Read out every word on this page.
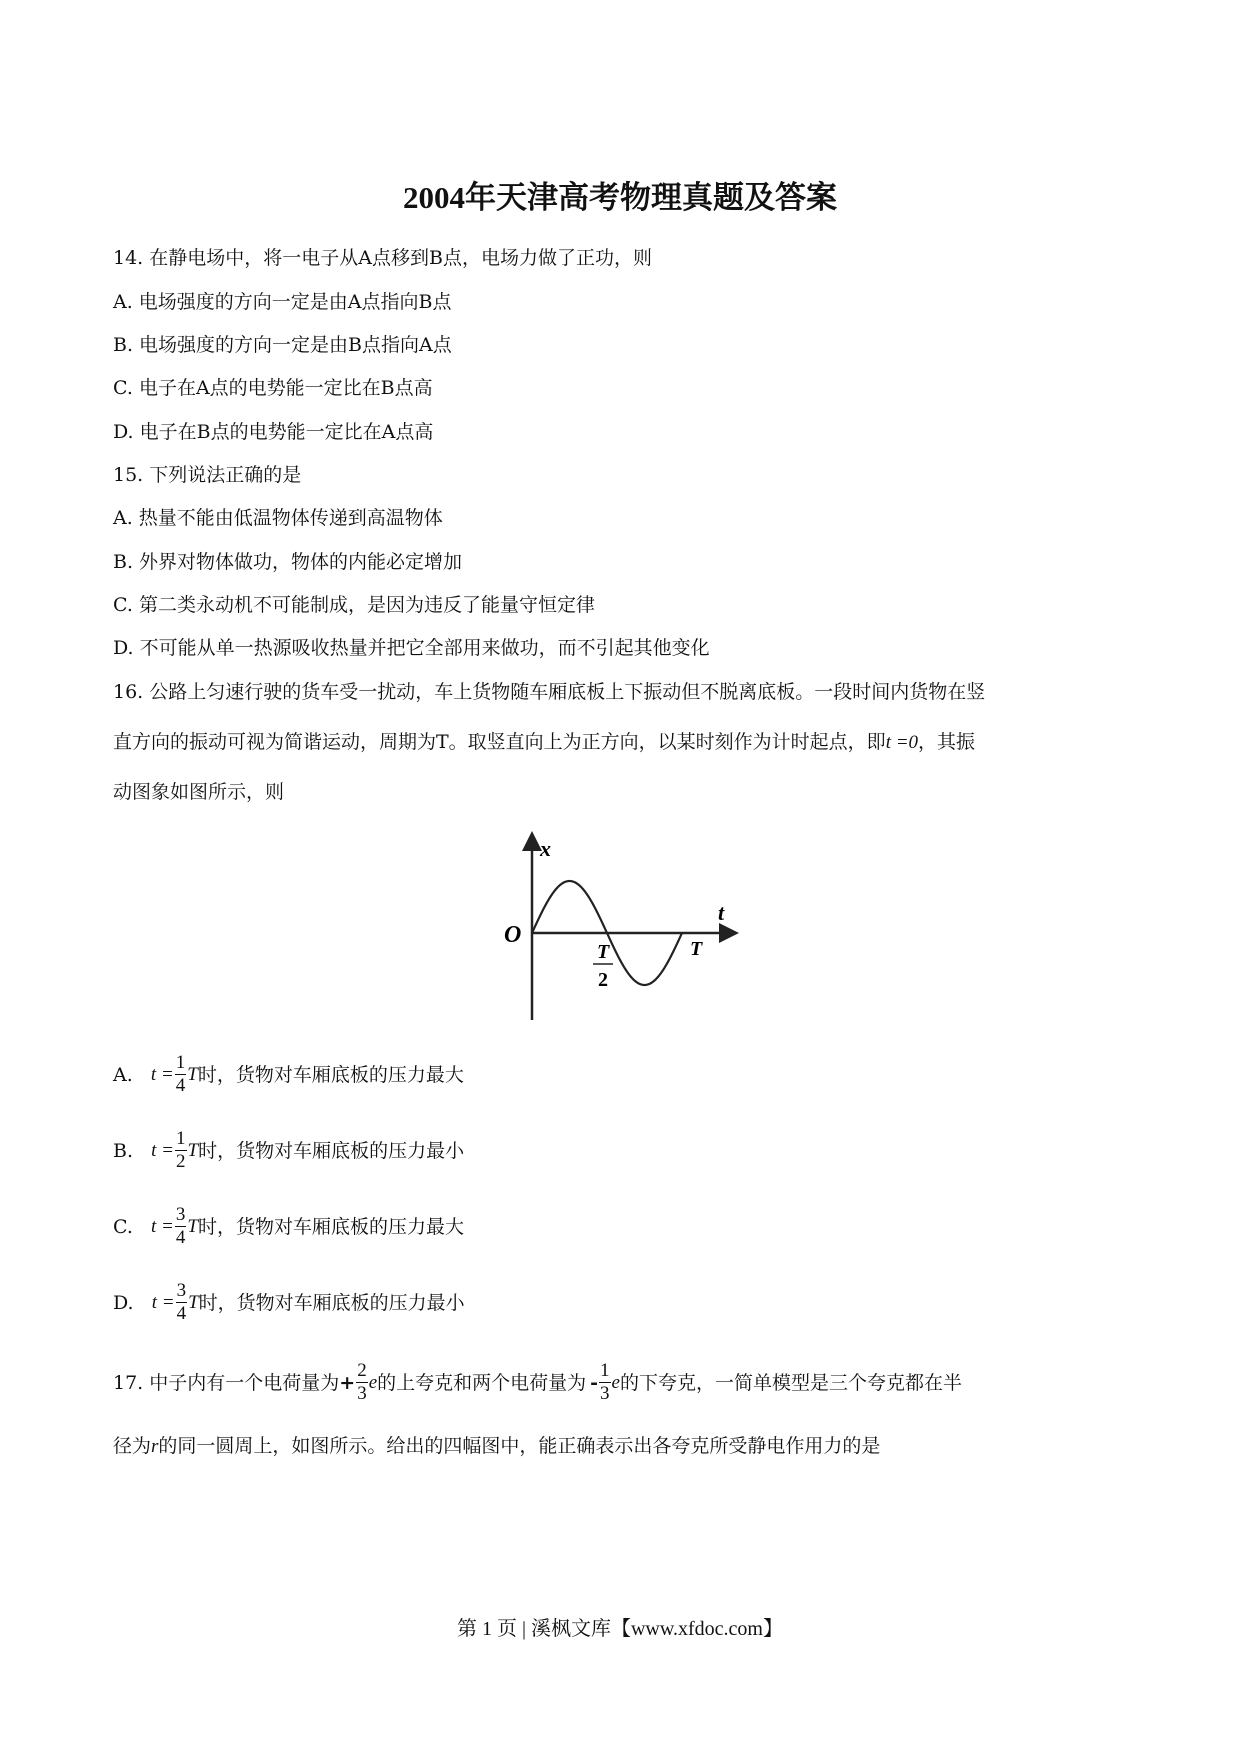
2004年天津高考物理真题及答案
14. 在静电场中，将一电子从A点移到B点，电场力做了正功，则
A. 电场强度的方向一定是由A点指向B点
B. 电场强度的方向一定是由B点指向A点
C. 电子在A点的电势能一定比在B点高
D. 电子在B点的电势能一定比在A点高
15. 下列说法正确的是
A. 热量不能由低温物体传递到高温物体
B. 外界对物体做功，物体的内能必定增加
C. 第二类永动机不可能制成，是因为违反了能量守恒定律
D. 不可能从单一热源吸收热量并把它全部用来做功，而不引起其他变化
16. 公路上匀速行驶的货车受一扰动，车上货物随车厢底板上下振动但不脱离底板。一段时间内货物在竖
直方向的振动可视为简谐运动，周期为T。取竖直向上为正方向，以某时刻作为计时起点，即t =0，其振
动图象如图所示，则
x
t
O
T
2
T
A.
$t = \frac{1}{4}$ T 时，货物对车厢底板的压力最大
B.
$t = \frac{1}{2}$ T 时，货物对车厢底板的压力最小
C.
$t = \frac{3}{4}$ T 时，货物对车厢底板的压力最大
D.
$t = \frac{3}{4}$ T 时，货物对车厢底板的压力最小
17. 中子内有一个电荷量为 + $\frac{2}{3}$ e 的上夸克和两个电荷量为 - $\frac{1}{3}$ e 的下夸克，一简单模型是三个夸克都在半
径为r的同一圆周上，如图所示。给出的四幅图中，能正确表示出各夸克所受静电作用力的是
第 1 页 | 溪枫文库【www.xfdoc.com】
